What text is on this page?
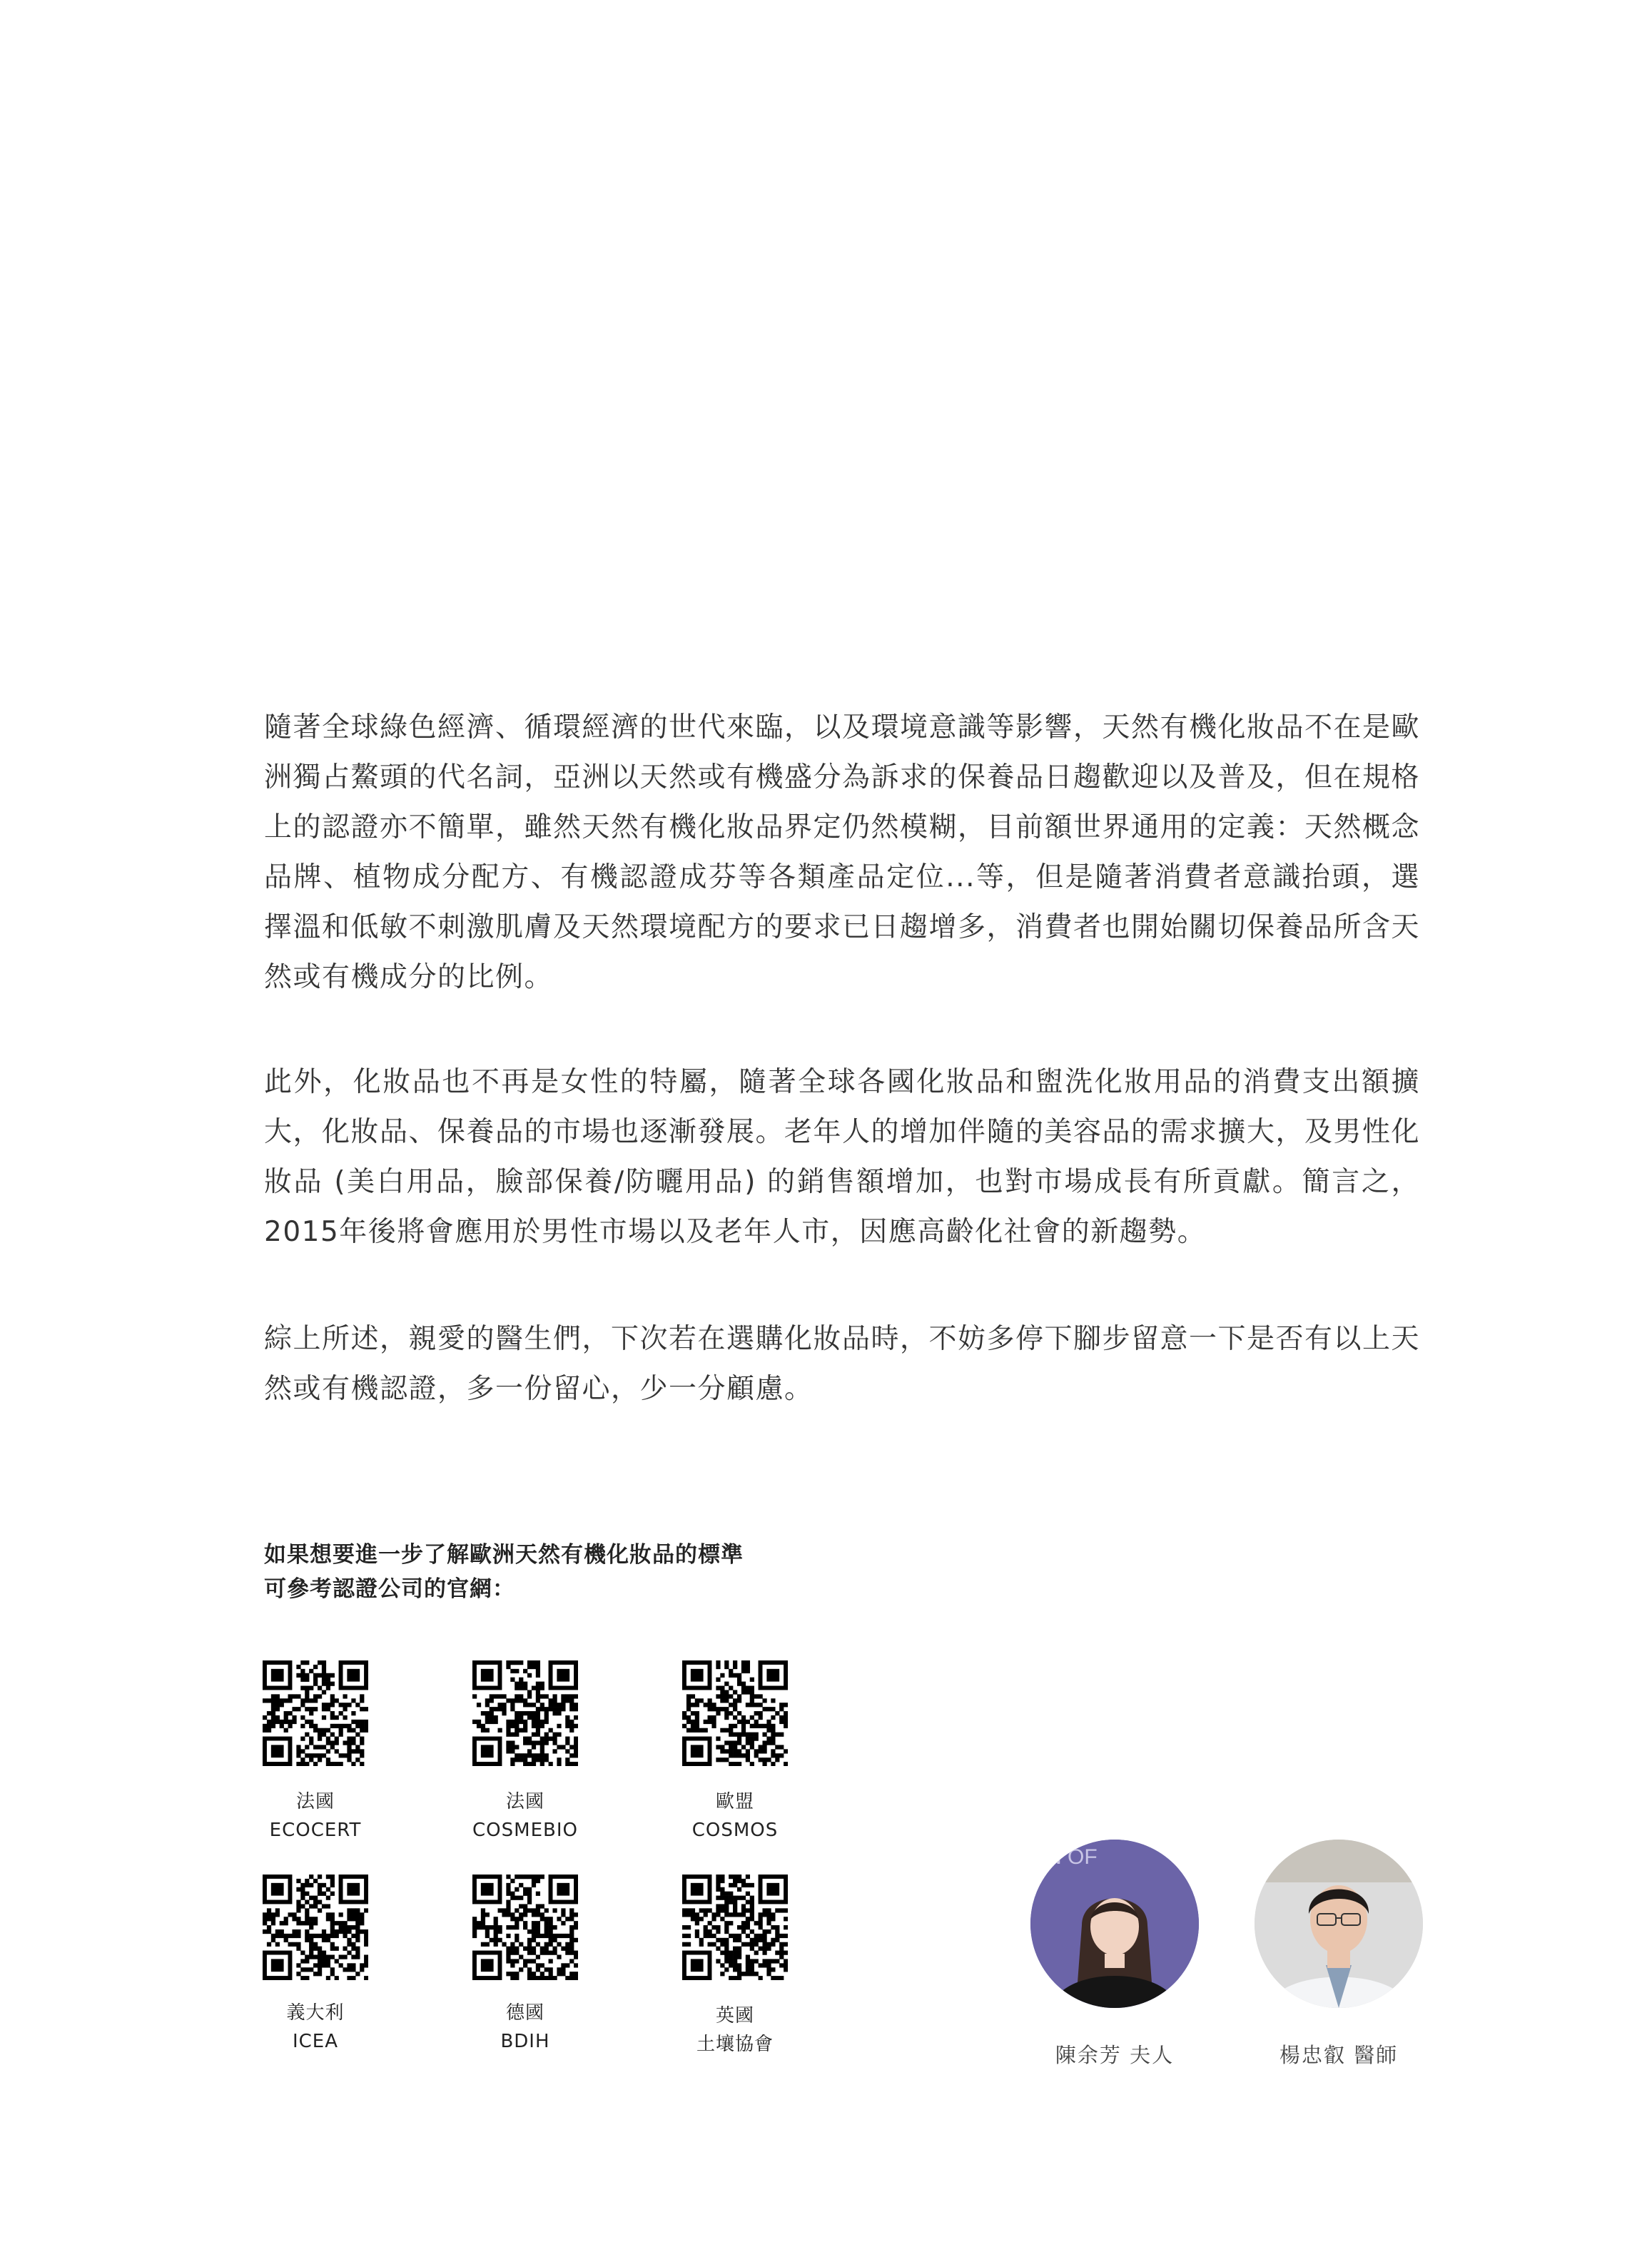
隨著全球綠色經濟、循環經濟的世代來臨，以及環境意識等影響，天然有機化妝品不在是歐洲獨占鰲頭的代名詞，亞洲以天然或有機盛分為訴求的保養品日趨歡迎以及普及，但在規格上的認證亦不簡單，雖然天然有機化妝品界定仍然模糊，目前額世界通用的定義：天然概念品牌、植物成分配方、有機認證成芬等各類產品定位...等，但是隨著消費者意識抬頭，選擇溫和低敏不刺激肌膚及天然環境配方的要求已日趨增多，消費者也開始關切保養品所含天然或有機成分的比例。

此外，化妝品也不再是女性的特屬，隨著全球各國化妝品和盥洗化妝用品的消費支出額擴大，化妝品、保養品的市場也逐漸發展。老年人的增加伴隨的美容品的需求擴大，及男性化妝品 (美白用品，臉部保養/防曬用品) 的銷售額增加，也對市場成長有所貢獻。簡言之，2015年後將會應用於男性市場以及老年人市，因應高齡化社會的新趨勢。

綜上所述，親愛的醫生們，下次若在選購化妝品時，不妨多停下腳步留意一下是否有以上天然或有機認證，多一份留心，少一分顧慮。

如果想要進一步了解歐洲天然有機化妝品的標準
可參考認證公司的官網：
法國
ECOCERT
法國
COSMEBIO
歐盟
COSMOS
義大利
ICEA
德國
BDIH
英國
土壤協會
N OF
陳余芳 夫人	楊忠叡 醫師
